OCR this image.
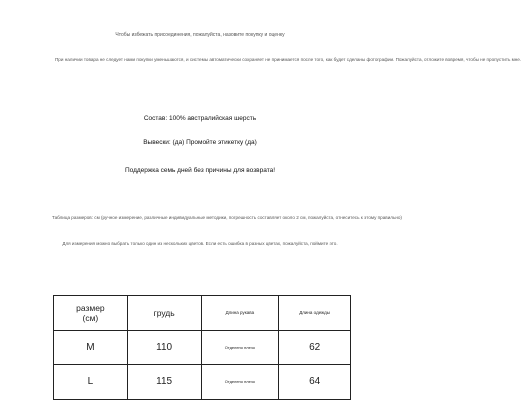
Чтобы избежать присоединения, пожалуйста, назовите покупку и оценку
При наличии товара не следует нами покупки уменьшаются, и системы автоматически сохраняет не принимается после того, как будет сделаны фотографии. Пожалуйста, отложите вовремя, чтобы не пропустить мне.
Состав: 100% австралийская шерсть
Вывески: (да) Промойте этикетку (да)
Поддержка семь дней без причины для возврата!
Таблица размеров: см (ручное измерение, различные индивидуальные методики, погрешность составляет около 2 см, пожалуйста, отнеситесь к этому правильно)
Для измерения можно выбрать только один из нескольких цветов. Если есть ошибка в разных цветах, пожалуйста, поймите это.
размер
(см)	грудь	Длина рукава	Длина одежды
M	110	Отделено плечо	62
L	115	Отделено плечо	64
